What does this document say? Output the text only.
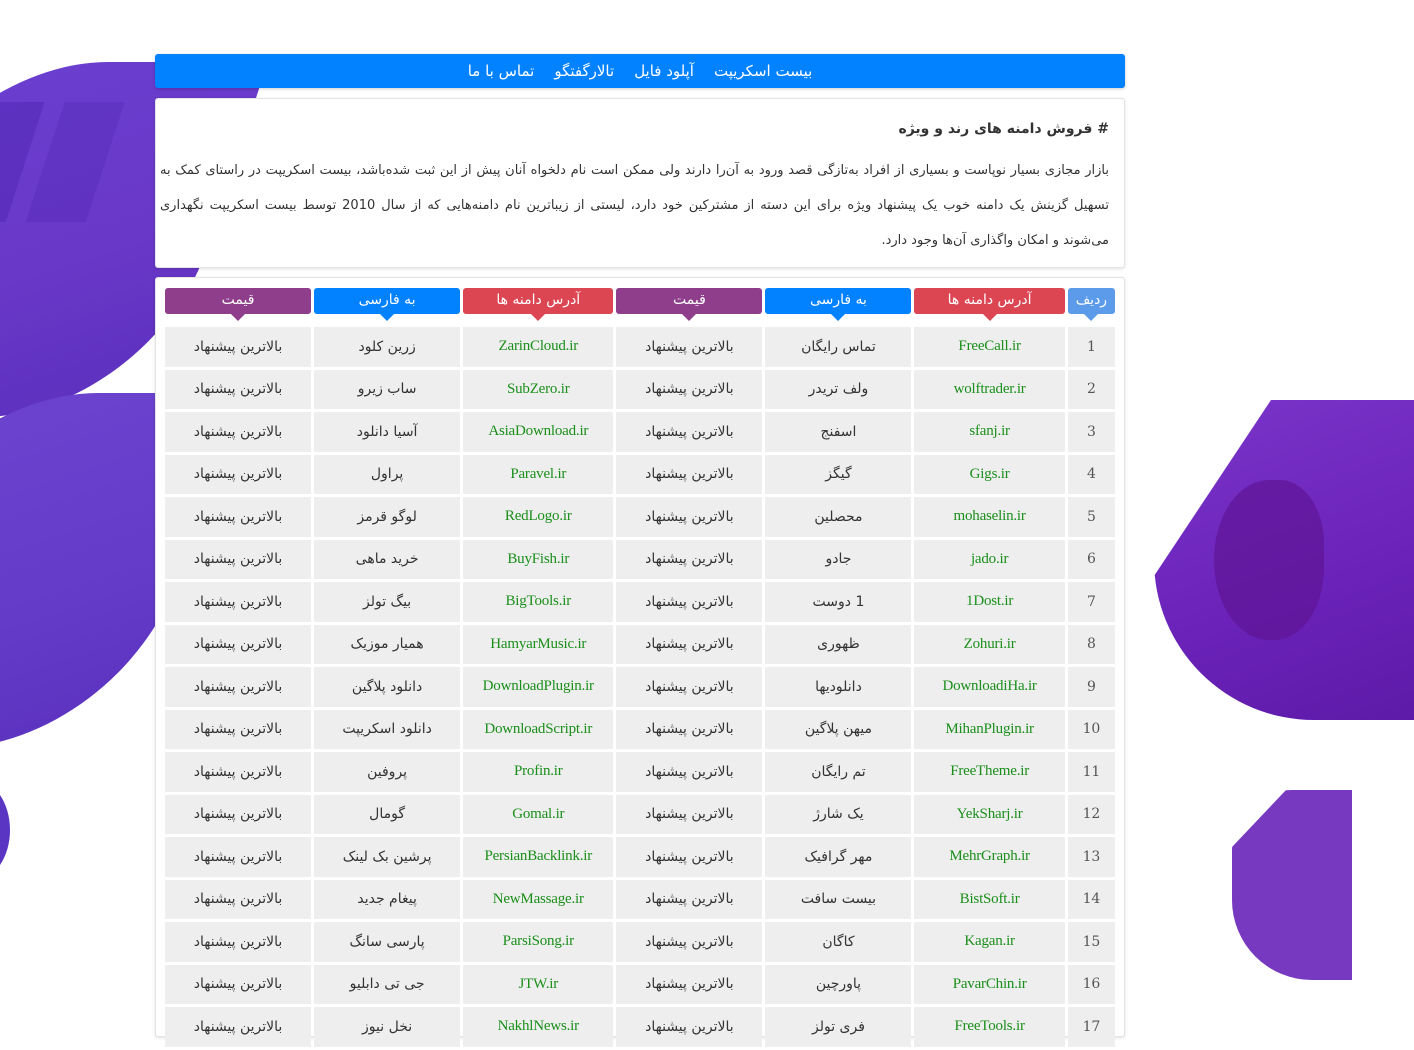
بیست اسکریپت
آپلود فایل
تالارگفتگو
تماس با ما
# فروش دامنه های رند و ویژه

بازار مجازی بسیار نوپاست و بسیاری از افراد به‌تازگی قصد ورود به آن‌را دارند ولی ممکن است نام دلخواه آنان پیش از این ثبت شده‌باشد، بیست اسکریپت در راستای کمک به تسهیل گزینش یک دامنه خوب یک پیشنهاد ویژه برای این دسته از مشترکین خود دارد، لیستی از زیباترین نام دامنه‌هایی که از سال 2010 توسط بیست اسکریپت نگهداری می‌شوند و امکان واگذاری آن‌ها وجود دارد.

ردیف	آدرس دامنه ها	به فارسی	قیمت	آدرس دامنه ها	به فارسی	قیمت

1	FreeCall.ir	تماس رایگان	بالاترین پیشنهاد	ZarinCloud.ir	زرین کلود	بالاترین پیشنهاد
2	wolftrader.ir	ولف تریدر	بالاترین پیشنهاد	SubZero.ir	ساب زیرو	بالاترین پیشنهاد
3	sfanj.ir	اسفنج	بالاترین پیشنهاد	AsiaDownload.ir	آسیا دانلود	بالاترین پیشنهاد
4	Gigs.ir	گیگز	بالاترین پیشنهاد	Paravel.ir	پراول	بالاترین پیشنهاد
5	mohaselin.ir	محصلین	بالاترین پیشنهاد	RedLogo.ir	لوگو قرمز	بالاترین پیشنهاد
6	jado.ir	جادو	بالاترین پیشنهاد	BuyFish.ir	خرید ماهی	بالاترین پیشنهاد
7	1Dost.ir	1 دوست	بالاترین پیشنهاد	BigTools.ir	بیگ تولز	بالاترین پیشنهاد
8	Zohuri.ir	ظهوری	بالاترین پیشنهاد	HamyarMusic.ir	همیار موزیک	بالاترین پیشنهاد
9	DownloadiHa.ir	دانلودیها	بالاترین پیشنهاد	DownloadPlugin.ir	دانلود پلاگین	بالاترین پیشنهاد
10	MihanPlugin.ir	میهن پلاگین	بالاترین پیشنهاد	DownloadScript.ir	دانلود اسکریپت	بالاترین پیشنهاد
11	FreeTheme.ir	تم رایگان	بالاترین پیشنهاد	Profin.ir	پروفین	بالاترین پیشنهاد
12	YekSharj.ir	یک شارژ	بالاترین پیشنهاد	Gomal.ir	گومال	بالاترین پیشنهاد
13	MehrGraph.ir	مهر گرافیک	بالاترین پیشنهاد	PersianBacklink.ir	پرشین بک لینک	بالاترین پیشنهاد
14	BistSoft.ir	بیست سافت	بالاترین پیشنهاد	NewMassage.ir	پیغام جدید	بالاترین پیشنهاد
15	Kagan.ir	کاگان	بالاترین پیشنهاد	ParsiSong.ir	پارسی سانگ	بالاترین پیشنهاد
16	PavarChin.ir	پاورچین	بالاترین پیشنهاد	JTW.ir	جی تی دابلیو	بالاترین پیشنهاد
17	FreeTools.ir	فری تولز	بالاترین پیشنهاد	NakhlNews.ir	نخل نیوز	بالاترین پیشنهاد
